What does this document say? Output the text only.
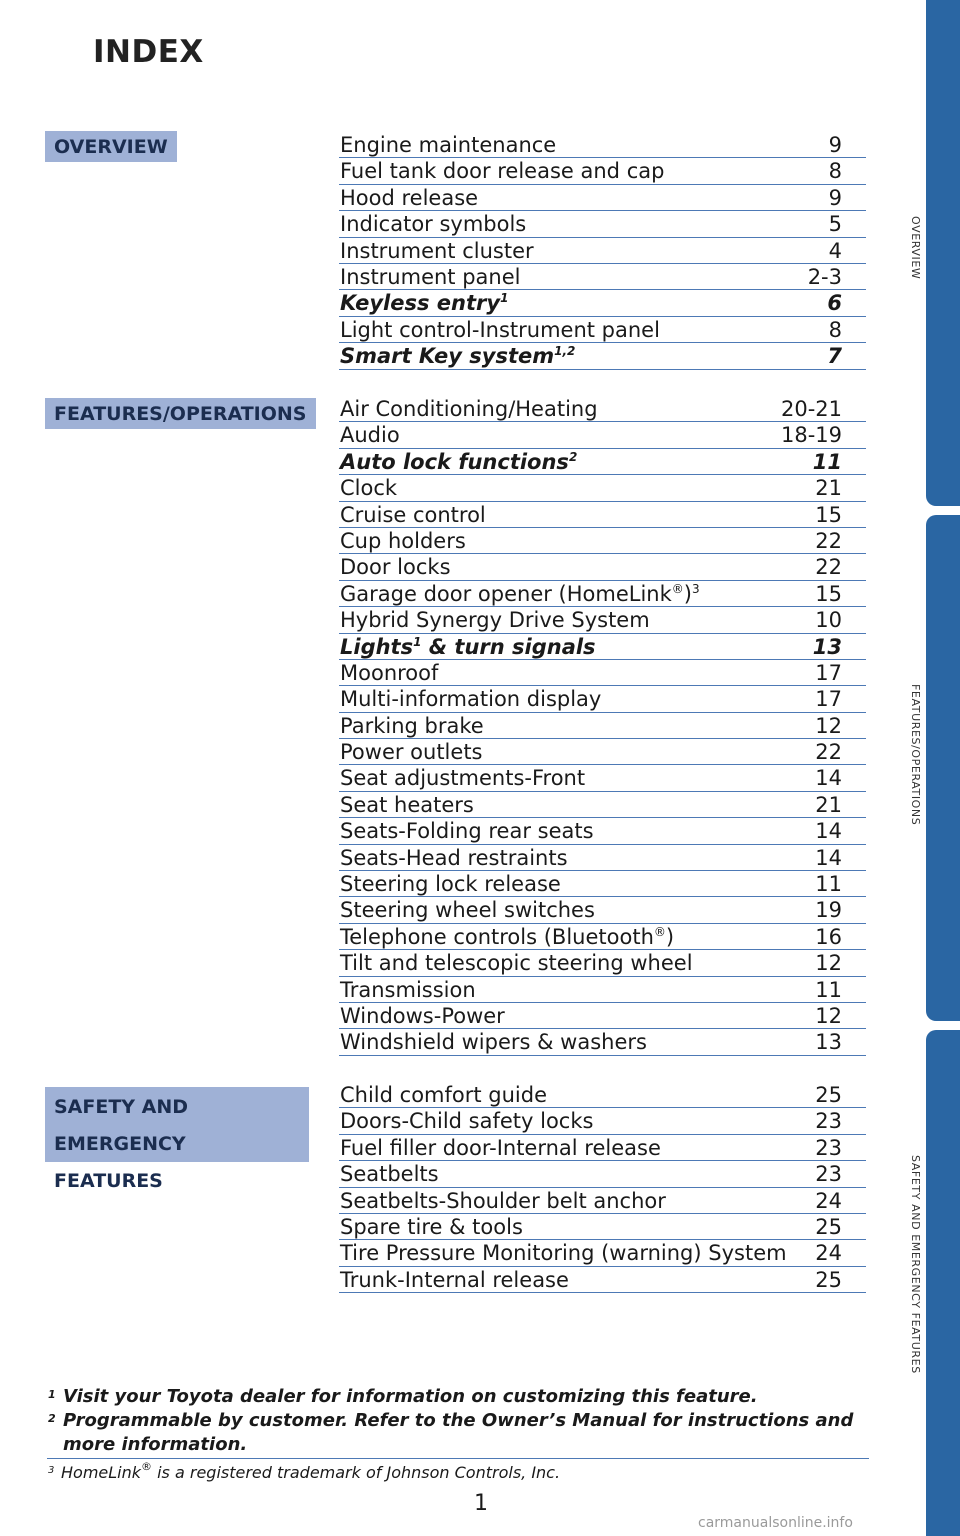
INDEX
OVERVIEW
FEATURES/OPERATIONS
SAFETY AND
EMERGENCY FEATURES
Engine maintenance	9
Fuel tank door release and cap	8
Hood release	9
Indicator symbols	5
Instrument cluster	4
Instrument panel	2-3
Keyless entry$^1$	6
Light control-Instrument panel	8
Smart Key system$^{1,2}$	7
Air Conditioning/Heating	20-21
Audio	18-19
Auto lock functions$^2$	11
Clock	21
Cruise control	15
Cup holders	22
Door locks	22
Garage door opener (HomeLink®)$^3$	15
Hybrid Synergy Drive System	10
Lights$^1$ & turn signals	13
Moonroof	17
Multi-information display	17
Parking brake	12
Power outlets	22
Seat adjustments-Front	14
Seat heaters	21
Seats-Folding rear seats	14
Seats-Head restraints	14
Steering lock release	11
Steering wheel switches	19
Telephone controls (Bluetooth®)	16
Tilt and telescopic steering wheel	12
Transmission	11
Windows-Power	12
Windshield wipers & washers	13
Child comfort guide	25
Doors-Child safety locks	23
Fuel filler door-Internal release	23
Seatbelts	23
Seatbelts-Shoulder belt anchor	24
Spare tire & tools	25
Tire Pressure Monitoring (warning) System 24
Trunk-Internal release	25
OVERVIEW
FEATURES/OPERATIONS
SAFETY AND EMERGENCY FEATURES
1 Visit your Toyota dealer for information on customizing this feature.
2 Programmable by customer. Refer to the Owner’s Manual for instructions and more information.
3 HomeLink® is a registered trademark of Johnson Controls, Inc.
1
carmanualsonline.info
